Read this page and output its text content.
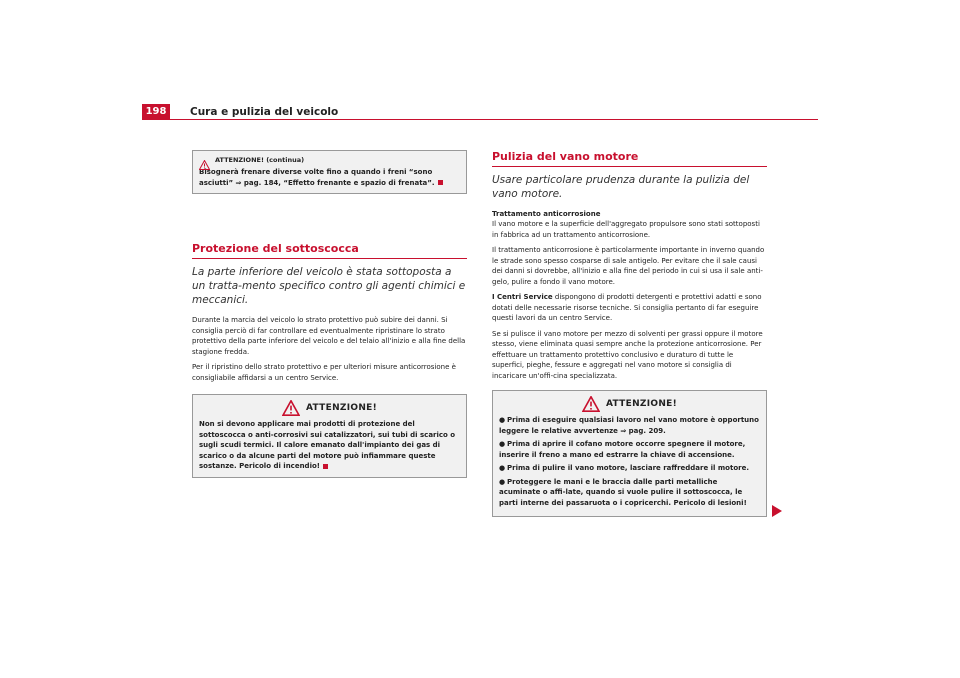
198	Cura e pulizia del veicolo
ATTENZIONE! (continua)

Bisognerà frenare diverse volte fino a quando i freni “sono asciutti” ⇒ pag. 184, “Effetto frenante e spazio di frenata”.

Protezione del sottoscocca
La parte inferiore del veicolo è stata sottoposta a un tratta-mento specifico contro gli agenti chimici e meccanici.

Durante la marcia del veicolo lo strato protettivo può subire dei danni. Si consiglia perciò di far controllare ed eventualmente ripristinare lo strato protettivo della parte inferiore del veicolo e del telaio all'inizio e alla fine della stagione fredda.

Per il ripristino dello strato protettivo e per ulteriori misure anticorrosione è consigliabile affidarsi a un centro Service.

ATTENZIONE!

Non si devono applicare mai prodotti di protezione del sottoscocca o anti-corrosivi sui catalizzatori, sui tubi di scarico o sugli scudi termici. Il calore emanato dall'impianto dei gas di scarico o da alcune parti del motore può infiammare queste sostanze. Pericolo di incendio!

Pulizia del vano motore
Usare particolare prudenza durante la pulizia del vano motore.

Trattamento anticorrosione

Il vano motore e la superficie dell'aggregato propulsore sono stati sottoposti in fabbrica ad un trattamento anticorrosione.

Il trattamento anticorrosione è particolarmente importante in inverno quando le strade sono spesso cosparse di sale antigelo. Per evitare che il sale causi dei danni si dovrebbe, all'inizio e alla fine del periodo in cui si usa il sale anti-gelo, pulire a fondo il vano motore.

I Centri Service dispongono di prodotti detergenti e protettivi adatti e sono dotati delle necessarie risorse tecniche. Si consiglia pertanto di far eseguire questi lavori da un centro Service.

Se si pulisce il vano motore per mezzo di solventi per grassi oppure il motore stesso, viene eliminata quasi sempre anche la protezione anticorrosione. Per effettuare un trattamento protettivo conclusivo e duraturo di tutte le superfici, pieghe, fessure e aggregati nel vano motore si consiglia di incaricare un'offi-cina specializzata.

ATTENZIONE!
● Prima di eseguire qualsiasi lavoro nel vano motore è opportuno leggere le relative avvertenze ⇒ pag. 209.
● Prima di aprire il cofano motore occorre spegnere il motore, inserire il freno a mano ed estrarre la chiave di accensione.
● Prima di pulire il vano motore, lasciare raffreddare il motore.
● Proteggere le mani e le braccia dalle parti metalliche acuminate o affi-late, quando si vuole pulire il sottoscocca, le parti interne dei passaruota o i copricerchi. Pericolo di lesioni!
